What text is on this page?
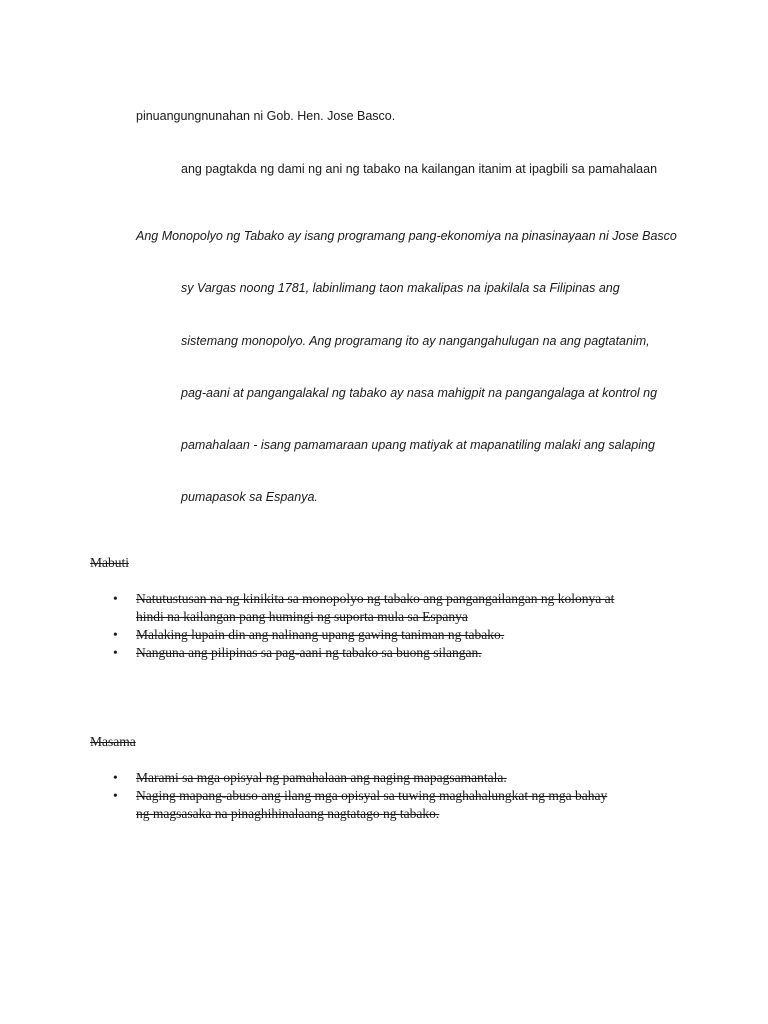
pinuangungnunahan ni Gob. Hen. Jose Basco.
ang pagtakda ng dami ng ani ng tabako na kailangan itanim at ipagbili sa pamahalaan
Ang Monopolyo ng Tabako ay isang programang pang-ekonomiya na pinasinayaan ni Jose Basco
sy Vargas noong 1781, labinlimang taon makalipas na ipakilala sa Filipinas ang
sistemang monopolyo. Ang programang ito ay nangangahulugan na ang pagtatanim,
pag-aani at pangangalakal ng tabako ay nasa mahigpit na pangangalaga at kontrol ng
pamahalaan - isang pamamaraan upang matiyak at mapanatiling malaki ang salaping
pumapasok sa Espanya.
Mabuti
• Natutustusan na ng kinikita sa monopolyo ng tabako ang pangangailangan ng kolonya at
hindi na kailangan pang humingi ng suporta mula sa Espanya
• Malaking lupain din ang nalinang upang gawing taniman ng tabako.
• Nanguna ang pilipinas sa pag-aani ng tabako sa buong silangan.
Masama
• Marami sa mga opisyal ng pamahalaan ang naging mapagsamantala.
• Naging mapang-abuso ang ilang mga opisyal sa tuwing maghahalungkat ng mga bahay
ng magsasaka na pinaghihinalaang nagtatago ng tabako.
